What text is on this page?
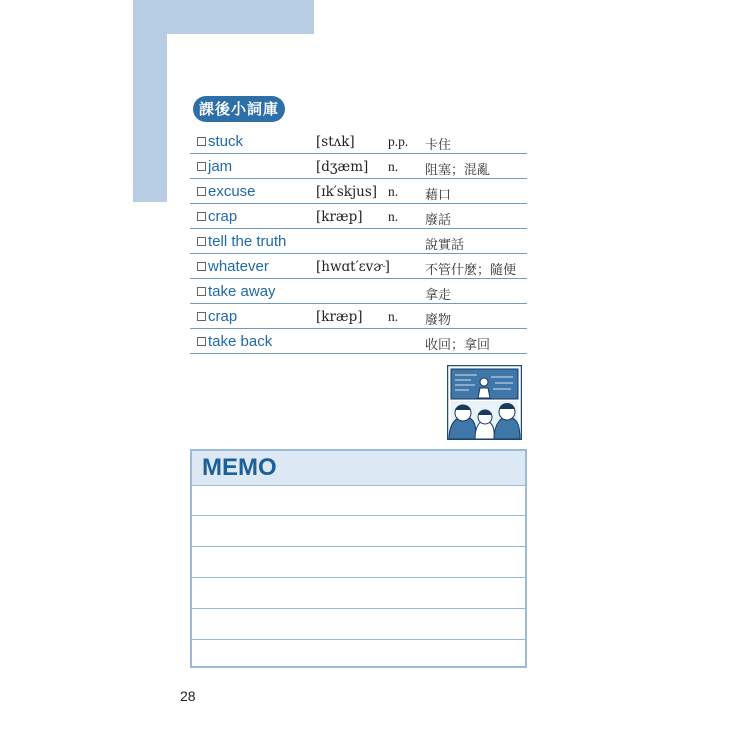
課後小詞庫
stuck	[stʌk] p.p. 卡住
jam	[dʒæm] n. 阻塞；混亂
excuse	[ɪk′skjus] n. 藉口
crap	[kræp] n. 廢話
tell the truth	說實話
whatever	[hwɑt′ɛvɚ]	不管什麼；隨便
take away	拿走
crap	[kræp] n. 廢物
take back	收回；拿回
MEMO
28
